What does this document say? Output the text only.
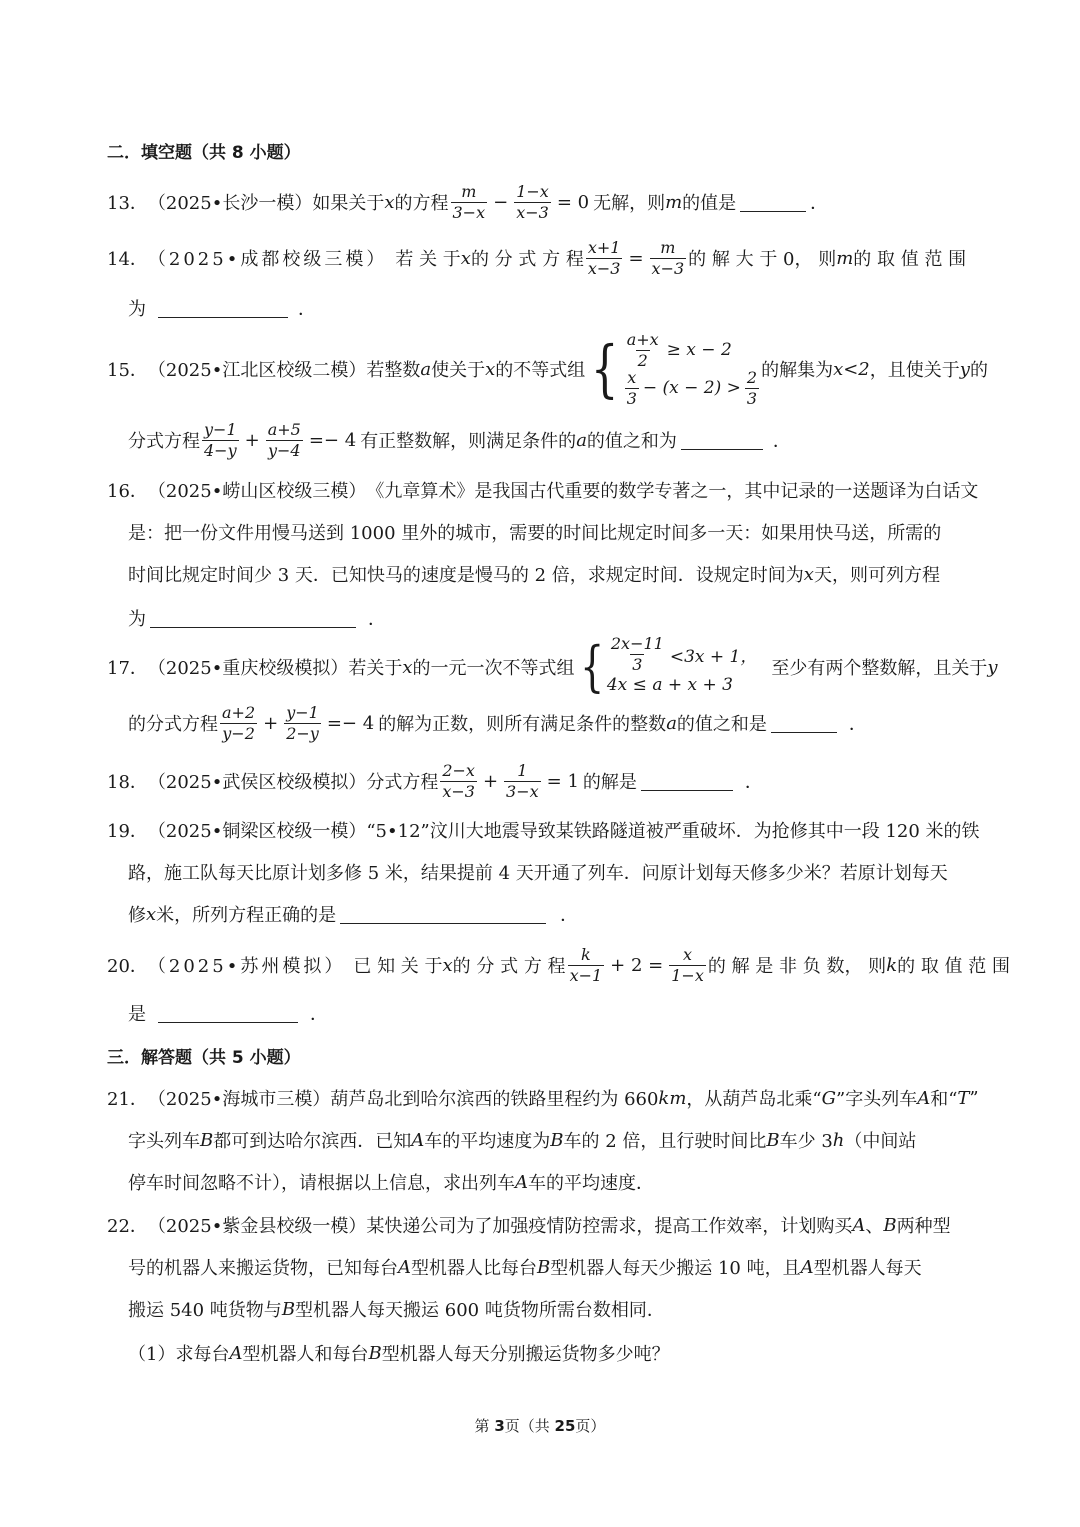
二．填空题（共 8 小题）
13． （2025•长沙一模） 如果关于 x 的方程 $\frac{m}{3-x} - \frac{1-x}{x-3} = 0$ 无解，则 m 的值是	．
14． （2025•成都校级三模） 若 关 于 x 的 分 式 方 程 $\frac{x+1}{x-3} = \frac{m}{x-3}$ 的 解 大 于 0， 则 m 的 取 值 范 围
为	．
15． （2025•江北区校级二模） 若整数 a 使关于 x 的不等式组 { $\frac{a+x}{2} \ge x - 2$
$\frac{x}{3} - (x - 2) > \frac{2}{3}$ 的解集为 x<2 ，且使关于 y 的
分式方程 $\frac{y-1}{4-y} + \frac{a+5}{y-4} =- 4$ 有正整数解，则满足条件的 a 的值之和为	．
16． （2025•崂山区校级三模） 《九章算术》是我国古代重要的数学专著之一，其中记录的一送题译为白话文
是：把一份文件用慢马送到 1000 里外的城市，需要的时间比规定时间多一天：如果用快马送，所需的
时间比规定时间少 3 天．已知快马的速度是慢马的 2 倍，求规定时间．设规定时间为 x 天，则可列方程
为	．
17． （2025•重庆校级模拟） 若关于 x 的一元一次不等式组 { $\frac{2x-11}{3} <3x + 1$，
4x ≤ a + x + 3
至少有两个整数解，且关于 y
的分式方程 $\frac{a+2}{y-2} + \frac{y-1}{2-y} =- 4$ 的解为正数，则所有满足条件的整数 a 的值之和是	．
18． （2025•武侯区校级模拟） 分式方程 $\frac{2-x}{x-3} + \frac{1}{3-x} = 1$ 的解是	．
19． （2025•铜梁区校级一模） “5•12”汶川大地震导致某铁路隧道被严重破坏．为抢修其中一段 120 米的铁
路，施工队每天比原计划多修 5 米，结果提前 4 天开通了列车．问原计划每天修多少米？若原计划每天
修 x 米，所列方程正确的是	．
20． （2025•苏州模拟） 已 知 关 于 x 的 分 式 方 程 $\frac{k}{x-1} + 2 = \frac{x}{1-x}$ 的 解 是 非 负 数， 则 k 的 取 值 范 围
是	．
三．解答题（共 5 小题）
21． （2025•海城市三模） 葫芦岛北到哈尔滨西的铁路里程约为 660 km ，从葫芦岛北乘“ G ”字头列车 A 和“ T ”
字头列车 B 都可到达哈尔滨西．已知 A 车的平均速度为 B 车的 2 倍，且行驶时间比 B 车少 3 h （中间站
停车时间忽略不计），请根据以上信息，求出列车 A 车的平均速度．
22． （2025•紫金县校级一模） 某快递公司为了加强疫情防控需求，提高工作效率，计划购买 A 、 B 两种型
号的机器人来搬运货物，已知每台 A 型机器人比每台 B 型机器人每天少搬运 10 吨，且 A 型机器人每天
搬运 540 吨货物与 B 型机器人每天搬运 600 吨货物所需台数相同．
（1）求每台 A 型机器人和每台 B 型机器人每天分别搬运货物多少吨？
第 3页（共 25页）
